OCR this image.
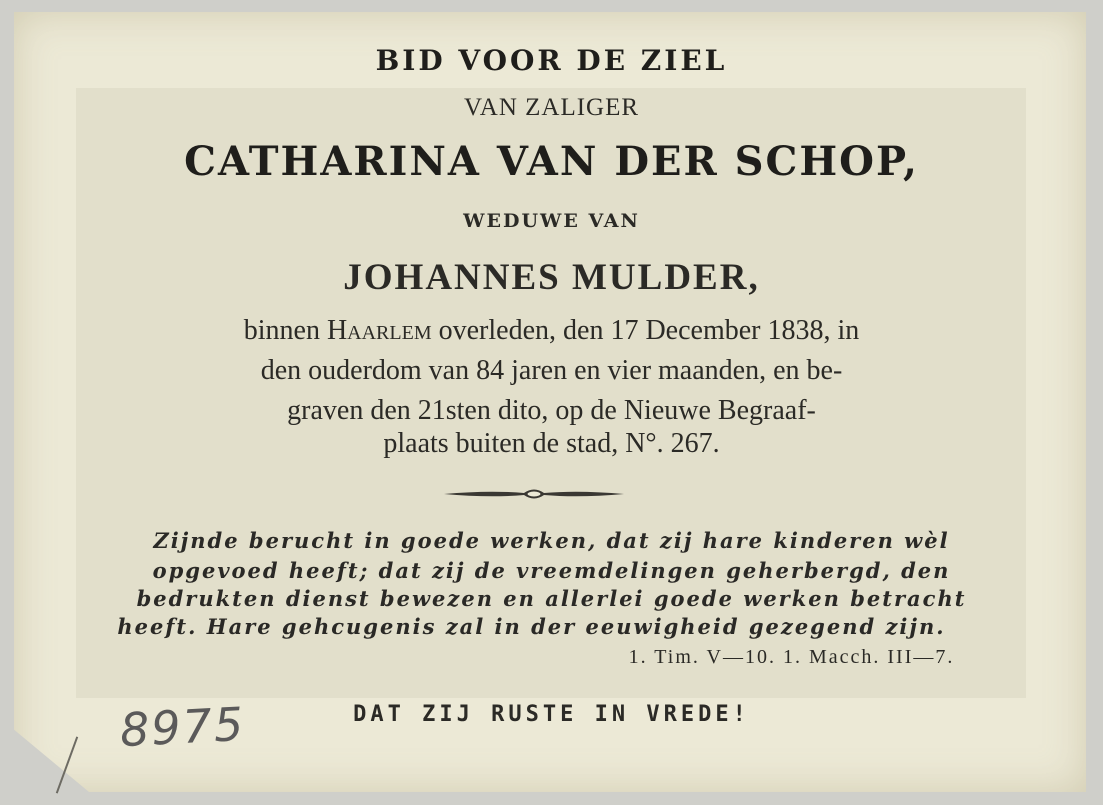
BID VOOR DE ZIEL
VAN ZALIGER
CATHARINA VAN DER SCHOP,
WEDUWE VAN
JOHANNES MULDER,
binnen Haarlem overleden, den 17 December 1838, in
den ouderdom van 84 jaren en vier maanden, en be-
graven den 21sten dito, op de Nieuwe Begraaf-
plaats buiten de stad, N°. 267.
Zijnde berucht in goede werken, dat zij hare kinderen wèl
opgevoed heeft; dat zij de vreemdelingen geherbergd, den
bedrukten dienst bewezen en allerlei goede werken betracht
heeft. Hare gehcugenis zal in der eeuwigheid gezegend zijn.
1. Tim. V—10. 1. Macch. III—7.
DAT ZIJ RUSTE IN VREDE!
8975
